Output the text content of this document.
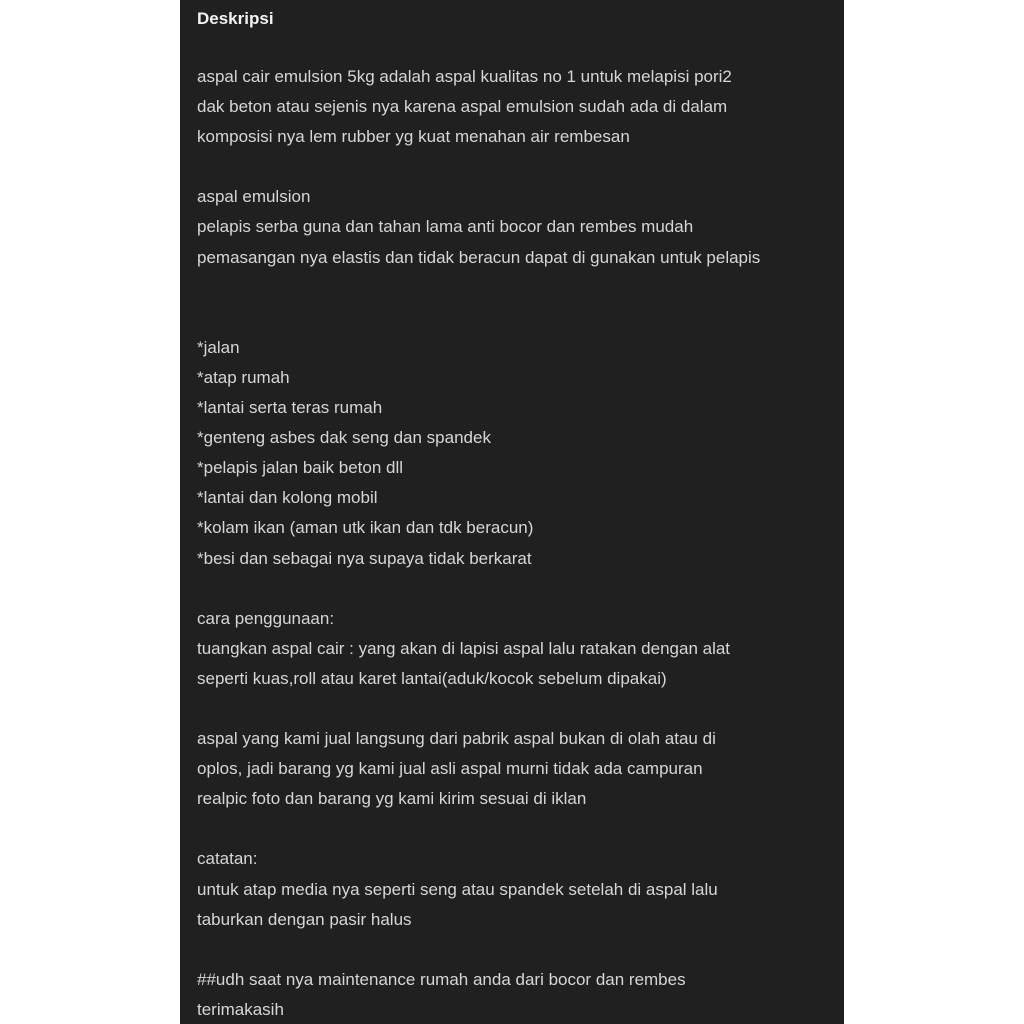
Deskripsi
aspal cair emulsion 5kg adalah aspal kualitas no 1 untuk melapisi pori2
dak beton atau sejenis nya karena aspal emulsion sudah ada di dalam
komposisi nya lem rubber yg kuat menahan air rembesan
aspal emulsion
pelapis serba guna dan tahan lama anti bocor dan rembes mudah
pemasangan nya elastis dan tidak beracun dapat di gunakan untuk pelapis
*jalan
*atap rumah
*lantai serta teras rumah
*genteng asbes dak seng dan spandek
*pelapis jalan baik beton dll
*lantai dan kolong mobil
*kolam ikan (aman utk ikan dan tdk beracun)
*besi dan sebagai nya supaya tidak berkarat
cara penggunaan:
tuangkan aspal cair : yang akan di lapisi aspal lalu ratakan dengan alat
seperti kuas,roll atau karet lantai(aduk/kocok sebelum dipakai)
aspal yang kami jual langsung dari pabrik aspal bukan di olah atau di
oplos, jadi barang yg kami jual asli aspal murni tidak ada campuran
realpic foto dan barang yg kami kirim sesuai di iklan
catatan:
untuk atap media nya seperti seng atau spandek setelah di aspal lalu
taburkan dengan pasir halus
##udh saat nya maintenance rumah anda dari bocor dan rembes
terimakasih
